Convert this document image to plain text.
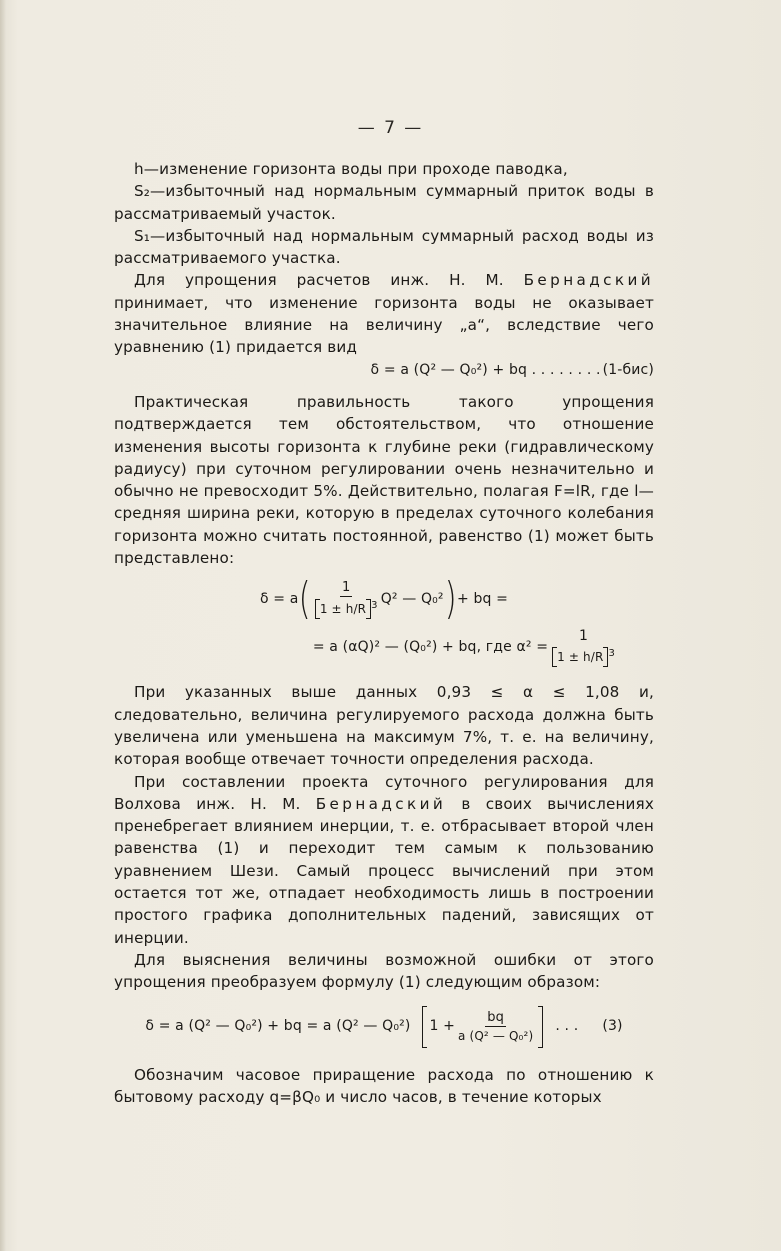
— 7 —

h—изменение горизонта воды при проходе паводка,

S₂—избыточный над нормальным суммарный приток воды в рассматриваемый участок.

S₁—избыточный над нормальным суммарный расход воды из рассматриваемого участка.

Для упрощения расчетов инж. Н. М. Бернадский принимает, что изменение горизонта воды не оказывает значительное влияние на величину „а“, вследствие чего уравнению (1) придается вид

δ = a (Q² — Q₀²) + bq . . . . . . . . (1-бис)

Практическая правильность такого упрощения подтверждается тем обстоятельством, что отношение изменения высоты горизонта к глубине реки (гидравлическому радиусу) при суточном регулировании очень незначительно и обычно не превосходит 5%. Действительно, полагая F=lR, где l—средняя ширина реки, которую в пределах суточного колебания горизонта можно считать постоянной, равенство (1) может быть представлено:

δ = a ( $\frac{1}{1 \pm h/R ^3} Q^2$ — Q₀² ) + bq =
= a (αQ)² — (Q₀²) + bq, где α² =
1
1 ± h/R $^3$

При указанных выше данных 0,93 ≤ α ≤ 1,08 и, следовательно, величина регулируемого расхода должна быть увеличена или уменьшена на максимум 7%, т. е. на величину, которая вообще отвечает точности определения расхода.

При составлении проекта суточного регулирования для Волхова инж. Н. М. Бернадский в своих вычислениях пренебрегает влиянием инерции, т. е. отбрасывает второй член равенства (1) и переходит тем самым к пользованию уравнением Шези. Самый процесс вычислений при этом остается тот же, отпадает необходимость лишь в построении простого графика дополнительных падений, зависящих от инерции.

Для выяснения величины возможной ошибки от этого упрощения преобразуем формулу (1) следующим образом:

δ = a (Q² — Q₀²) + bq = a (Q² — Q₀²) $1 + \frac{bq}{\text{a (Q² — Q₀²)}}$ . . . (3)

Обозначим часовое приращение расхода по отношению к бытовому расходу q=βQ₀ и число часов, в течение которых
